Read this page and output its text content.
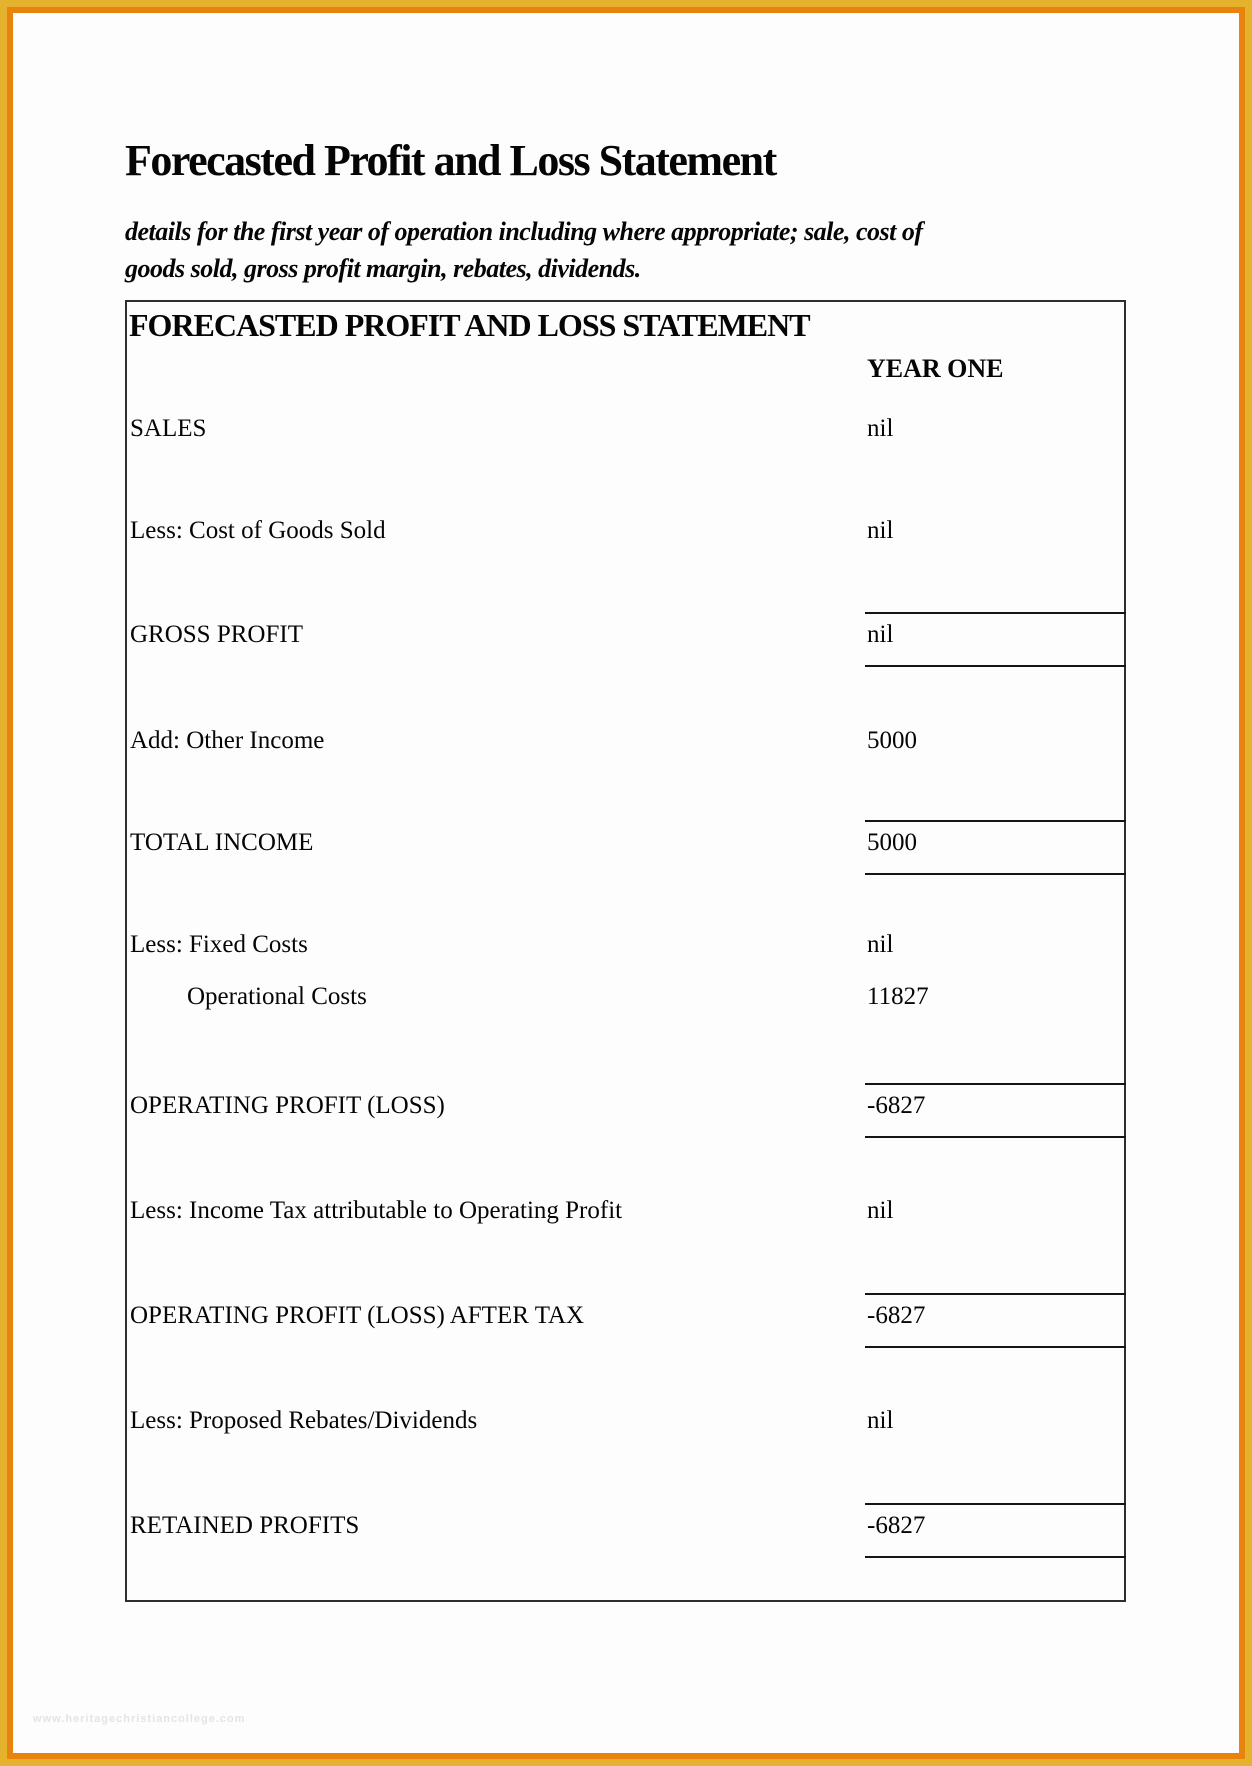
Forecasted Profit and Loss Statement
details for the first year of operation including where appropriate; sale, cost of
goods sold, gross profit margin, rebates, dividends.
FORECASTED PROFIT AND LOSS STATEMENT
YEAR ONE
SALES	nil
Less: Cost of Goods Sold	nil
GROSS PROFIT	nil
Add: Other Income	5000
TOTAL INCOME	5000
Less: Fixed Costs	nil
Operational Costs	11827
OPERATING PROFIT (LOSS)	-6827
Less: Income Tax attributable to Operating Profit	nil
OPERATING PROFIT (LOSS) AFTER TAX	-6827
Less: Proposed Rebates/Dividends	nil
RETAINED PROFITS	-6827
www.heritagechristiancollege.com
